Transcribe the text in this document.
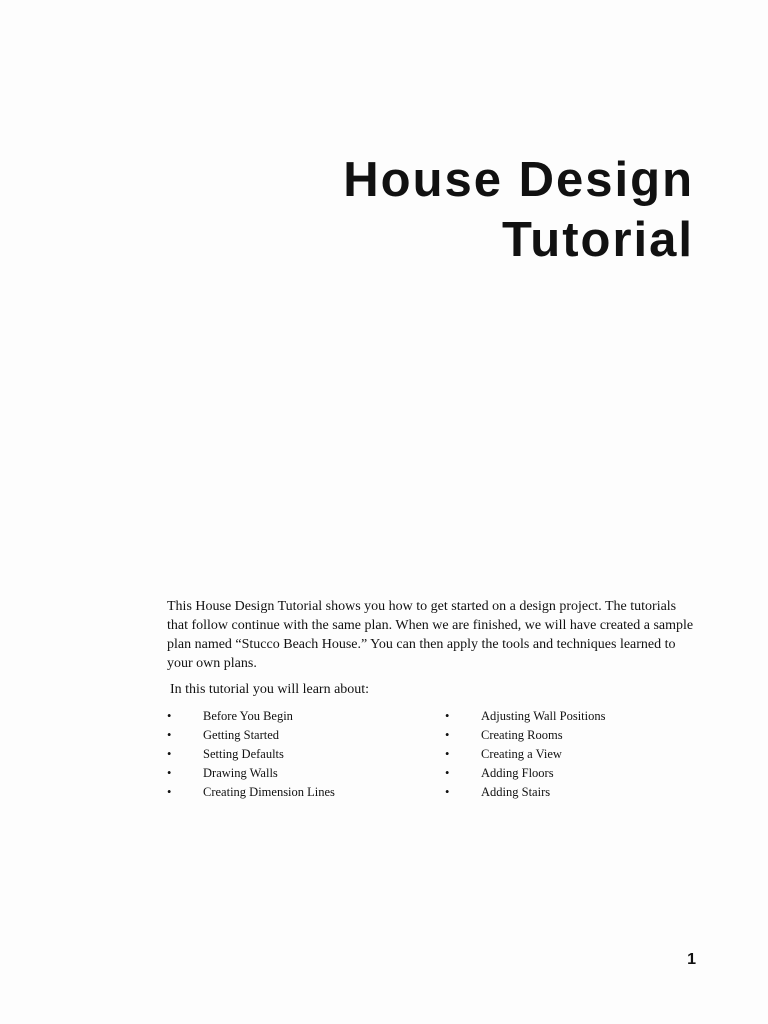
House Design
Tutorial

This House Design Tutorial shows you how to get started on a design project. The tutorials that follow continue with the same plan. When we are finished, we will have created a sample plan named “Stucco Beach House.” You can then apply the tools and techniques learned to your own plans.

In this tutorial you will learn about:

•	Before You Begin
•	Getting Started
•	Setting Defaults
•	Drawing Walls
•	Creating Dimension Lines
•	Adjusting Wall Positions
•	Creating Rooms
•	Creating a View
•	Adding Floors
•	Adding Stairs
1
